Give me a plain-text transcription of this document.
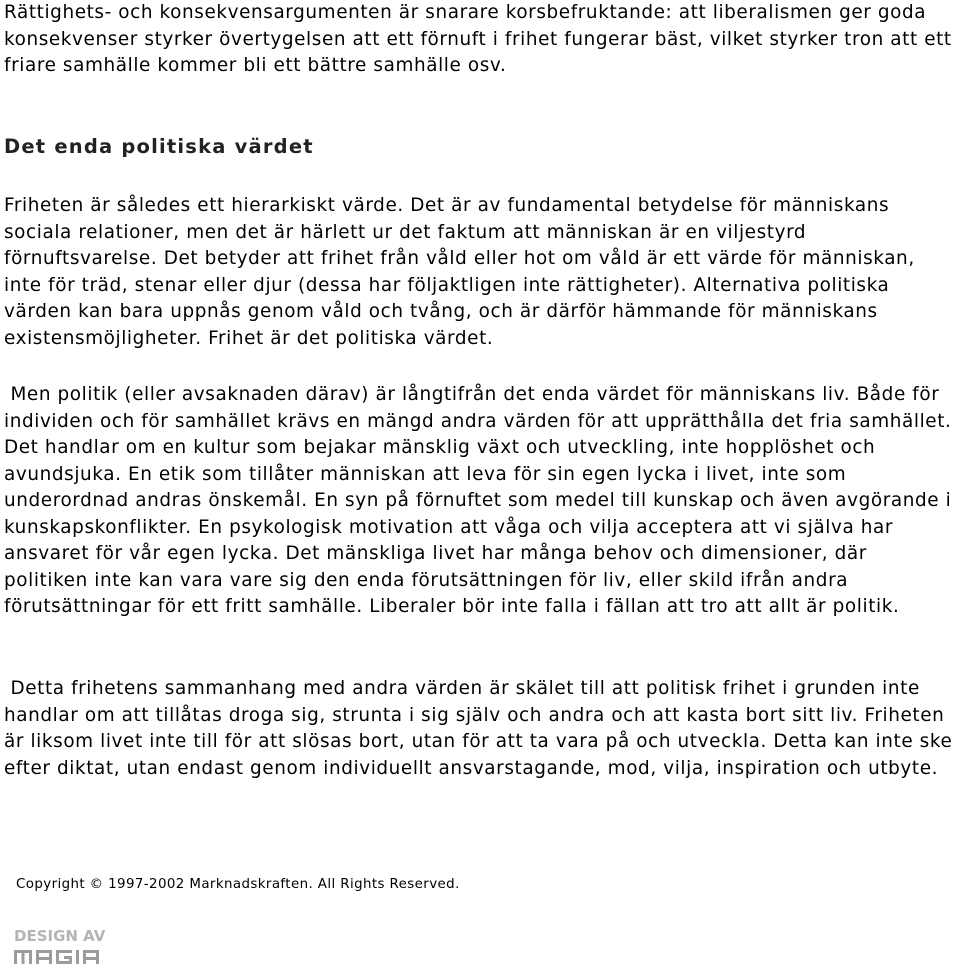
Rättighets- och konsekvensargumenten är snarare korsbefruktande: att liberalismen ger goda konsekvenser styrker övertygelsen att ett förnuft i frihet fungerar bäst, vilket styrker tron att ett friare samhälle kommer bli ett bättre samhälle osv.

Det enda politiska värdet

Friheten är således ett hierarkiskt värde. Det är av fundamental betydelse för människans sociala relationer, men det är härlett ur det faktum att människan är en viljestyrd förnuftsvarelse. Det betyder att frihet från våld eller hot om våld är ett värde för människan, inte för träd, stenar eller djur (dessa har följaktligen inte rättigheter). Alternativa politiska värden kan bara uppnås genom våld och tvång, och är därför hämmande för människans existensmöjligheter. Frihet är det politiska värdet.

Men politik (eller avsaknaden därav) är långtifrån det enda värdet för människans liv. Både för individen och för samhället krävs en mängd andra värden för att upprätthålla det fria samhället. Det handlar om en kultur som bejakar mänsklig växt och utveckling, inte hopplöshet och avundsjuka. En etik som tillåter människan att leva för sin egen lycka i livet, inte som underordnad andras önskemål. En syn på förnuftet som medel till kunskap och även avgörande i kunskapskonflikter. En psykologisk motivation att våga och vilja acceptera att vi själva har ansvaret för vår egen lycka. Det mänskliga livet har många behov och dimensioner, där politiken inte kan vara vare sig den enda förutsättningen för liv, eller skild ifrån andra förutsättningar för ett fritt samhälle. Liberaler bör inte falla i fällan att tro att allt är politik.

Detta frihetens sammanhang med andra värden är skälet till att politisk frihet i grunden inte handlar om att tillåtas droga sig, strunta i sig själv och andra och att kasta bort sitt liv. Friheten är liksom livet inte till för att slösas bort, utan för att ta vara på och utveckla. Detta kan inte ske efter diktat, utan endast genom individuellt ansvarstagande, mod, vilja, inspiration och utbyte.

Copyright © 1997-2002 Marknadskraften. All Rights Reserved.

DESIGN AV
